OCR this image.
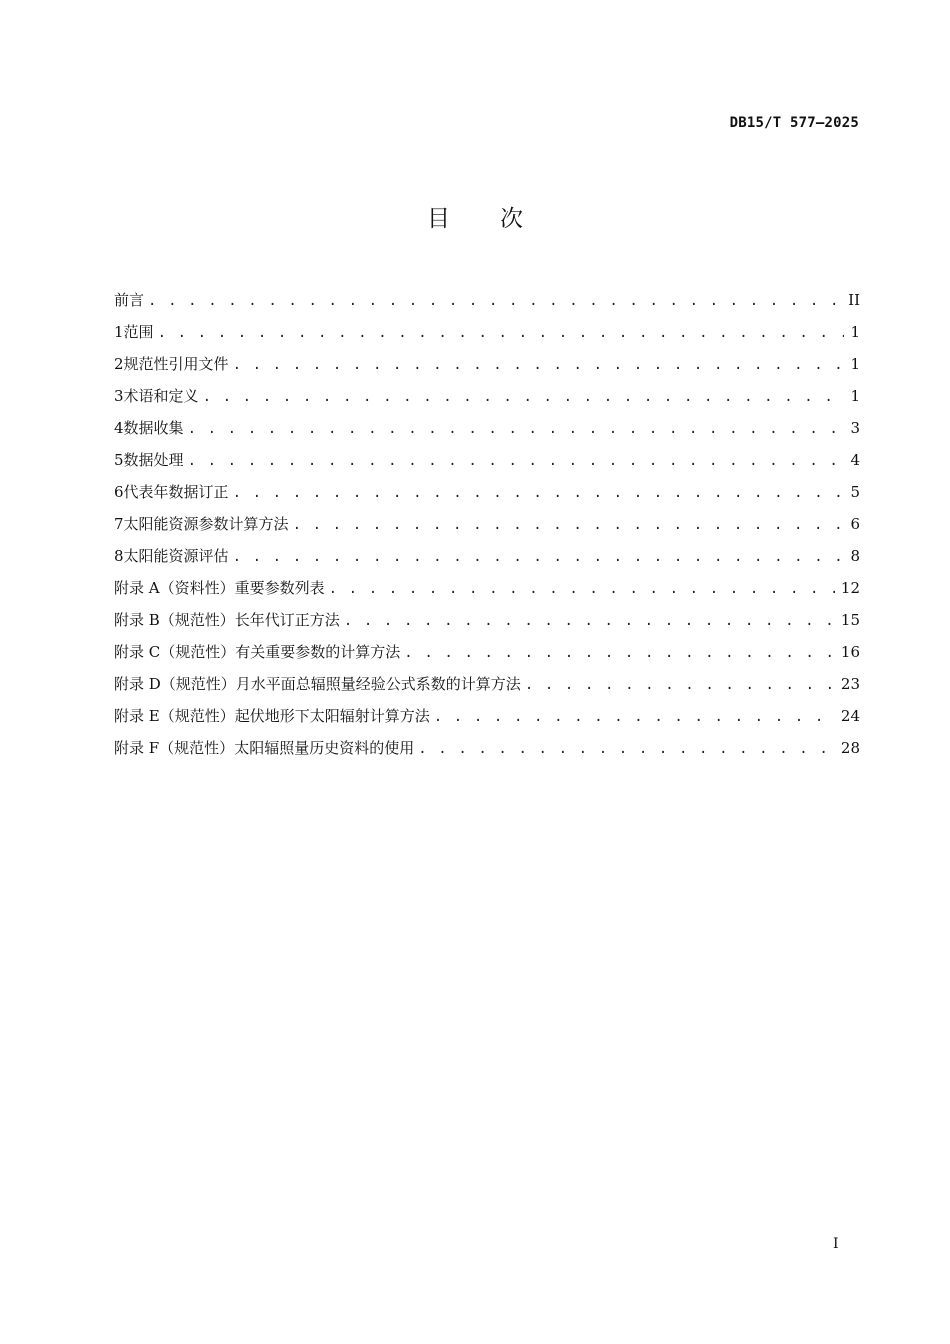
DB15/T 577—2025
目 次
前言 . . .	II
1 范围 . . .	1
2 规范性引用文件 . . .	1
3 术语和定义 . . .	1
4 数据收集 . . .	3
5 数据处理 . . .	4
6 代表年数据订正 . . .	5
7 太阳能资源参数计算方法 . . .	6
8 太阳能资源评估 . . .	8
附录 A（资料性） 重要参数列表 . . .	12
附录 B（规范性） 长年代订正方法 . . .	15
附录 C（规范性） 有关重要参数的计算方法 . . .	16
附录 D（规范性） 月水平面总辐照量经验公式系数的计算方法 . . .	23
附录 E（规范性） 起伏地形下太阳辐射计算方法 . . .	24
附录 F（规范性） 太阳辐照量历史资料的使用 . . .	28
I
